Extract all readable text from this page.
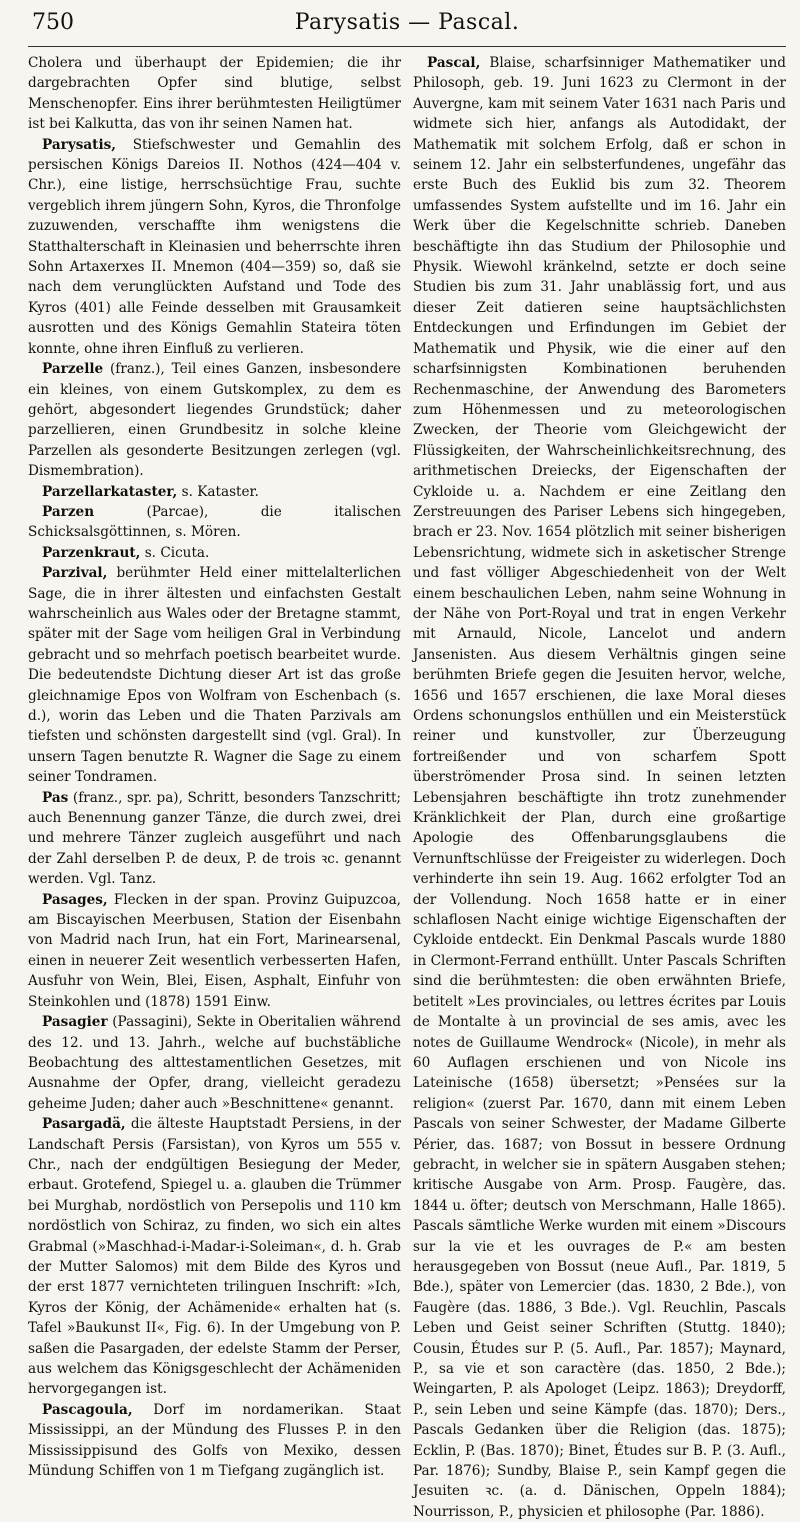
750	Parysatis — Pascal.

Cholera und überhaupt der Epidemien; die ihr dargebrachten Opfer sind blutige, selbst Menschenopfer. Eins ihrer berühmtesten Heiligtümer ist bei Kalkutta, das von ihr seinen Namen hat.

Parysatis, Stiefschwester und Gemahlin des persischen Königs Dareios II. Nothos (424—404 v. Chr.), eine listige, herrschsüchtige Frau, suchte vergeblich ihrem jüngern Sohn, Kyros, die Thronfolge zuzuwenden, verschaffte ihm wenigstens die Statthalterschaft in Kleinasien und beherrschte ihren Sohn Artaxerxes II. Mnemon (404—359) so, daß sie nach dem verunglückten Aufstand und Tode des Kyros (401) alle Feinde desselben mit Grausamkeit ausrotten und des Königs Gemahlin Stateira töten konnte, ohne ihren Einfluß zu verlieren.

Parzelle (franz.), Teil eines Ganzen, insbesondere ein kleines, von einem Gutskomplex, zu dem es gehört, abgesondert liegendes Grundstück; daher parzellieren, einen Grundbesitz in solche kleine Parzellen als gesonderte Besitzungen zerlegen (vgl. Dismembration).

Parzellarkataster, s. Kataster.

Parzen	(Parcae), die italischen Schicksalsgöttinnen, s. Mören.

Parzenkraut, s. Cicuta.

Parzival, berühmter Held einer mittelalterlichen Sage, die in ihrer ältesten und einfachsten Gestalt wahrscheinlich aus Wales oder der Bretagne stammt, später mit der Sage vom heiligen Gral in Verbindung gebracht und so mehrfach poetisch bearbeitet wurde. Die bedeutendste Dichtung dieser Art ist das große gleichnamige Epos von Wolfram von Eschenbach (s. d.), worin das Leben und die Thaten Parzivals am tiefsten und schönsten dargestellt sind (vgl. Gral). In unsern Tagen benutzte R. Wagner die Sage zu einem seiner Tondramen.

Pas (franz., spr. pa), Schritt, besonders Tanzschritt; auch Benennung ganzer Tänze, die durch zwei, drei und mehrere Tänzer zugleich ausgeführt und nach der Zahl derselben P. de deux, P. de trois ꝛc. genannt werden. Vgl. Tanz.

Pasages, Flecken in der span. Provinz Guipuzcoa, am Biscayischen Meerbusen, Station der Eisenbahn von Madrid nach Irun, hat ein Fort, Marinearsenal, einen in neuerer Zeit wesentlich verbesserten Hafen, Ausfuhr von Wein, Blei, Eisen, Asphalt, Einfuhr von Steinkohlen und (1878) 1591 Einw.

Pasagier (Passagini), Sekte in Oberitalien während des 12. und 13. Jahrh., welche auf buchstäbliche Beobachtung des alttestamentlichen Gesetzes, mit Ausnahme der Opfer, drang, vielleicht geradezu geheime Juden; daher auch »Beschnittene« genannt.

Pasargadä, die älteste Hauptstadt Persiens, in der Landschaft Persis (Farsistan), von Kyros um 555 v. Chr., nach der endgültigen Besiegung der Meder, erbaut. Grotefend, Spiegel u. a. glauben die Trümmer bei Murghab, nordöstlich von Persepolis und 110 km nordöstlich von Schiraz, zu finden, wo sich ein altes Grabmal (»Maschhad-i-Madar-i-Soleiman«, d. h. Grab der Mutter Salomos) mit dem Bilde des Kyros und der erst 1877 vernichteten trilinguen Inschrift: »Ich, Kyros der König, der Achämenide« erhalten hat (s. Tafel »Baukunst II«, Fig. 6). In der Umgebung von P. saßen die Pasargaden, der edelste Stamm der Perser, aus welchem das Königsgeschlecht der Achämeniden hervorgegangen ist.

Pascagoula, Dorf im nordamerikan. Staat Mississippi, an der Mündung des Flusses P. in den Mississippisund des Golfs von Mexiko, dessen Mündung Schiffen von 1 m Tiefgang zugänglich ist.

Pascal, Blaise, scharfsinniger Mathematiker und Philosoph, geb. 19. Juni 1623 zu Clermont in der Auvergne, kam mit seinem Vater 1631 nach Paris und widmete sich hier, anfangs als Autodidakt, der Mathematik mit solchem Erfolg, daß er schon in seinem 12. Jahr ein selbsterfundenes, ungefähr das erste Buch des Euklid bis zum 32. Theorem umfassendes System aufstellte und im 16. Jahr ein Werk über die Kegelschnitte schrieb. Daneben beschäftigte ihn das Studium der Philosophie und Physik. Wiewohl kränkelnd, setzte er doch seine Studien bis zum 31. Jahr unablässig fort, und aus dieser Zeit datieren seine hauptsächlichsten Entdeckungen und Erfindungen im Gebiet der Mathematik und Physik, wie die einer auf den scharfsinnigsten Kombinationen beruhenden Rechenmaschine, der Anwendung des Barometers zum Höhenmessen und zu meteorologischen Zwecken, der Theorie vom Gleichgewicht der Flüssigkeiten, der Wahrscheinlichkeitsrechnung, des arithmetischen Dreiecks, der Eigenschaften der Cykloide u. a. Nachdem er eine Zeitlang den Zerstreuungen des Pariser Lebens sich hingegeben, brach er 23. Nov. 1654 plötzlich mit seiner bisherigen Lebensrichtung, widmete sich in asketischer Strenge und fast völliger Abgeschiedenheit von der Welt einem beschaulichen Leben, nahm seine Wohnung in der Nähe von Port-Royal und trat in engen Verkehr mit Arnauld, Nicole, Lancelot und andern Jansenisten. Aus diesem Verhältnis gingen seine berühmten Briefe gegen die Jesuiten hervor, welche, 1656 und 1657 erschienen, die laxe Moral dieses Ordens schonungslos enthüllen und ein Meisterstück reiner und kunstvoller, zur Überzeugung fortreißender und von scharfem Spott überströmender Prosa sind. In seinen letzten Lebensjahren beschäftigte ihn trotz zunehmender Kränklichkeit der Plan, durch eine großartige Apologie des Offenbarungsglaubens die Vernunftschlüsse der Freigeister zu widerlegen. Doch verhinderte ihn sein 19. Aug. 1662 erfolgter Tod an der Vollendung. Noch 1658 hatte er in einer schlaflosen Nacht einige wichtige Eigenschaften der Cykloide entdeckt. Ein Denkmal Pascals wurde 1880 in Clermont-Ferrand enthüllt. Unter Pascals Schriften sind die berühmtesten: die oben erwähnten Briefe, betitelt »Les provinciales, ou lettres écrites par Louis de Montalte à un provincial de ses amis, avec les notes de Guillaume Wendrock« (Nicole), in mehr als 60 Auflagen erschienen und von Nicole ins Lateinische (1658) übersetzt; »Pensées sur la religion« (zuerst Par. 1670, dann mit einem Leben Pascals von seiner Schwester, der Madame Gilberte Périer, das. 1687; von Bossut in bessere Ordnung gebracht, in welcher sie in spätern Ausgaben stehen; kritische Ausgabe von Arm. Prosp. Faugère, das. 1844 u. öfter; deutsch von Merschmann, Halle 1865). Pascals sämtliche Werke wurden mit einem »Discours sur la vie et les ouvrages de P.« am besten herausgegeben von Bossut (neue Aufl., Par. 1819, 5 Bde.), später von Lemercier (das. 1830, 2 Bde.), von Faugère (das. 1886, 3 Bde.). Vgl. Reuchlin, Pascals Leben und Geist seiner Schriften (Stuttg. 1840); Cousin, Études sur P. (5. Aufl., Par. 1857); Maynard, P., sa vie et son caractère (das. 1850, 2 Bde.); Weingarten, P. als Apologet (Leipz. 1863); Dreydorff, P., sein Leben und seine Kämpfe (das. 1870); Ders., Pascals Gedanken über die Religion (das. 1875); Ecklin, P. (Bas. 1870); Binet, Études sur B. P. (3. Aufl., Par. 1876); Sundby, Blaise P., sein Kampf gegen die Jesuiten ꝛc. (a. d. Dänischen, Oppeln 1884); Nourrisson, P., physicien et philosophe (Par. 1886).
